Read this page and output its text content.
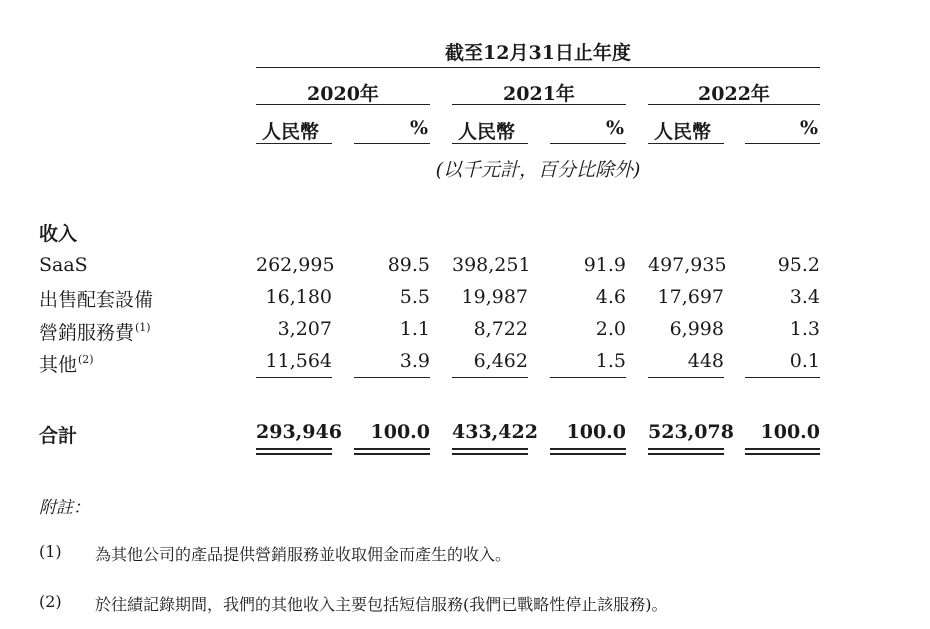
截至12月31日止年度
2020年	2021年	2022年
人民幣	% 人民幣	% 人民幣	%
(以千元計，百分比除外)
收入
SaaS	262,995	89.5 398,251	91.9 497,935	95.2
出售配套設備	16,180	5.5	19,987	4.6	17,697	3.4
營銷服務費$^{(1)}$	3,207	1.1	8,722	2.0	6,998	1.3
其他$^{(2)}$	11,564	3.9	6,462	1.5	448	0.1
合計	293,946	100.0 433,422	100.0 523,078	100.0
附註：
(1) 為其他公司的產品提供營銷服務並收取佣金而產生的收入。
(2) 於往績記錄期間，我們的其他收入主要包括短信服務(我們已戰略性停止該服務)。
